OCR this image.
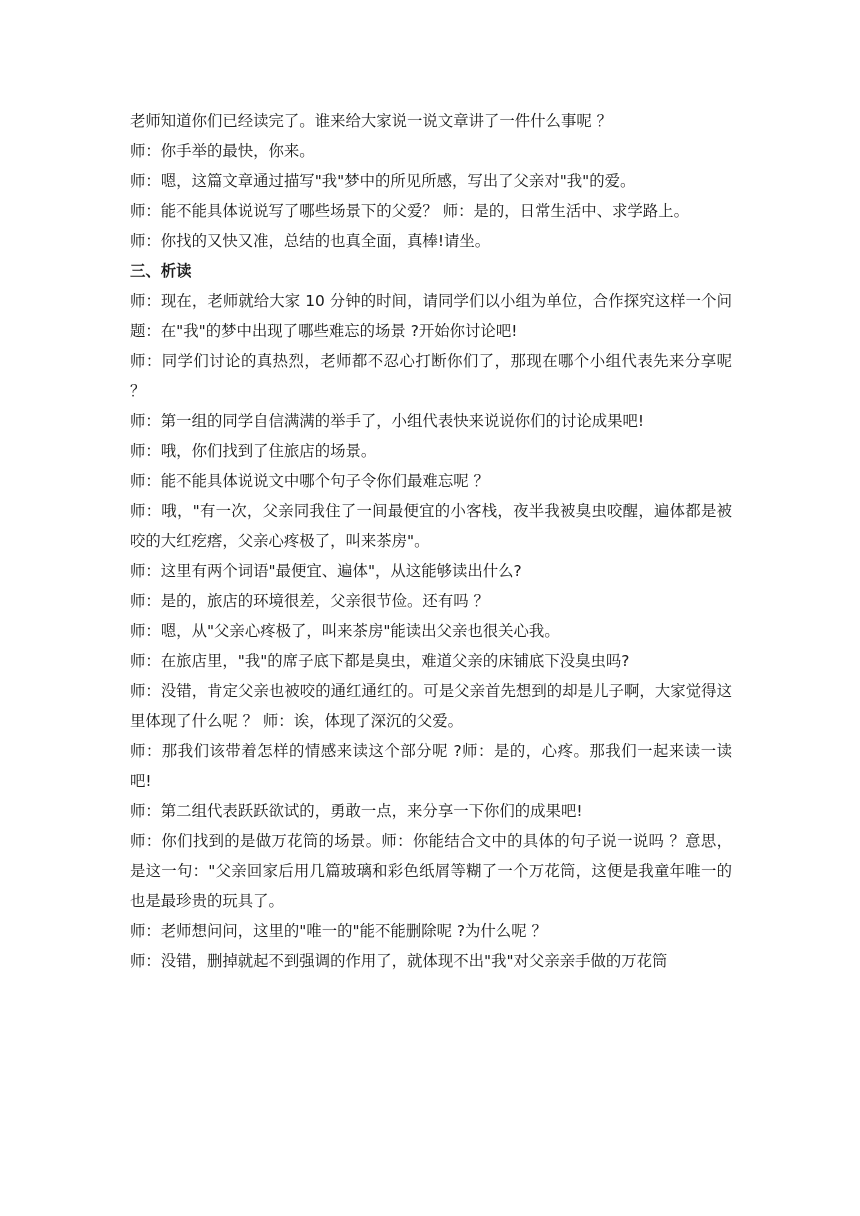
老师知道你们已经读完了。谁来给大家说一说文章讲了一件什么事呢 ？

师：你手举的最快，你来。

师：嗯，这篇文章通过描写"我"梦中的所见所感，写出了父亲对"我"的爱。

师：能不能具体说说写了哪些场景下的父爱？ 师：是的，日常生活中、求学路上。

师：你找的又快又准，总结的也真全面，真棒!请坐。

三、析读

师：现在，老师就给大家 10 分钟的时间，请同学们以小组为单位，合作探究这样一个问题：在"我"的梦中出现了哪些难忘的场景 ?开始你讨论吧!

师：同学们讨论的真热烈，老师都不忍心打断你们了，那现在哪个小组代表先来分享呢 ？

师：第一组的同学自信满满的举手了，小组代表快来说说你们的讨论成果吧!

师：哦，你们找到了住旅店的场景。

师：能不能具体说说文中哪个句子令你们最难忘呢 ？

师：哦，"有一次，父亲同我住了一间最便宜的小客栈，夜半我被臭虫咬醒，遍体都是被咬的大红疙瘩，父亲心疼极了，叫来茶房"。

师：这里有两个词语"最便宜、遍体"，从这能够读出什么?

师：是的，旅店的环境很差，父亲很节俭。还有吗 ？

师：嗯，从"父亲心疼极了，叫来茶房"能读出父亲也很关心我。

师：在旅店里，"我"的席子底下都是臭虫，难道父亲的床铺底下没臭虫吗?

师：没错，肯定父亲也被咬的通红通红的。可是父亲首先想到的却是儿子啊，大家觉得这里体现了什么呢 ？ 师：诶，体现了深沉的父爱。

师：那我们该带着怎样的情感来读这个部分呢 ?师：是的，心疼。那我们一起来读一读吧!

师：第二组代表跃跃欲试的，勇敢一点，来分享一下你们的成果吧!

师：你们找到的是做万花筒的场景。师：你能结合文中的具体的句子说一说吗 ？意思，是这一句："父亲回家后用几篇玻璃和彩色纸屑等糊了一个万花筒，这便是我童年唯一的也是最珍贵的玩具了。

师：老师想问问，这里的"唯一的"能不能删除呢 ?为什么呢 ？

师：没错，删掉就起不到强调的作用了，就体现不出"我"对父亲亲手做的万花筒
